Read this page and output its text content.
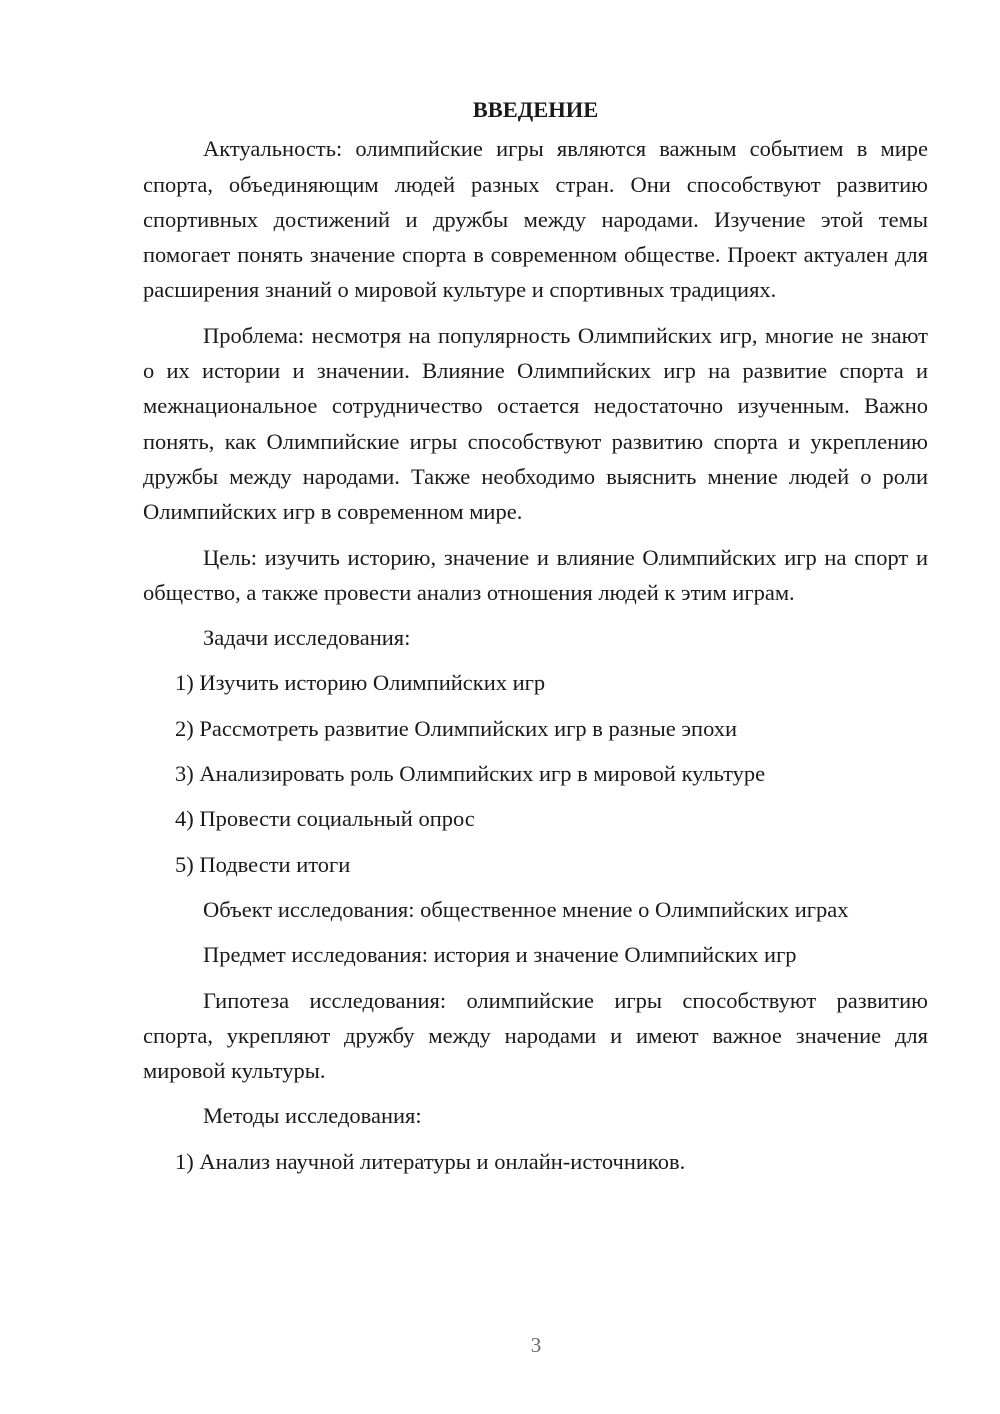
ВВЕДЕНИЕ

Актуальность: олимпийские игры являются важным событием в мире спорта, объединяющим людей разных стран. Они способствуют развитию спортивных достижений и дружбы между народами. Изучение этой темы помогает понять значение спорта в современном обществе. Проект актуален для расширения знаний о мировой культуре и спортивных традициях.

Проблема: несмотря на популярность Олимпийских игр, многие не знают о их истории и значении. Влияние Олимпийских игр на развитие спорта и межнациональное сотрудничество остается недостаточно изученным. Важно понять, как Олимпийские игры способствуют развитию спорта и укреплению дружбы между народами. Также необходимо выяснить мнение людей о роли Олимпийских игр в современном мире.

Цель: изучить историю, значение и влияние Олимпийских игр на спорт и общество, а также провести анализ отношения людей к этим играм.

Задачи исследования:
1) Изучить историю Олимпийских игр
2) Рассмотреть развитие Олимпийских игр в разные эпохи
3) Анализировать роль Олимпийских игр в мировой культуре
4) Провести социальный опрос
5) Подвести итоги
Объект исследования: общественное мнение о Олимпийских играх
Предмет исследования: история и значение Олимпийских игр

Гипотеза исследования: олимпийские игры способствуют развитию спорта, укрепляют дружбу между народами и имеют важное значение для мировой культуры.

Методы исследования:
1) Анализ научной литературы и онлайн-источников.
3
